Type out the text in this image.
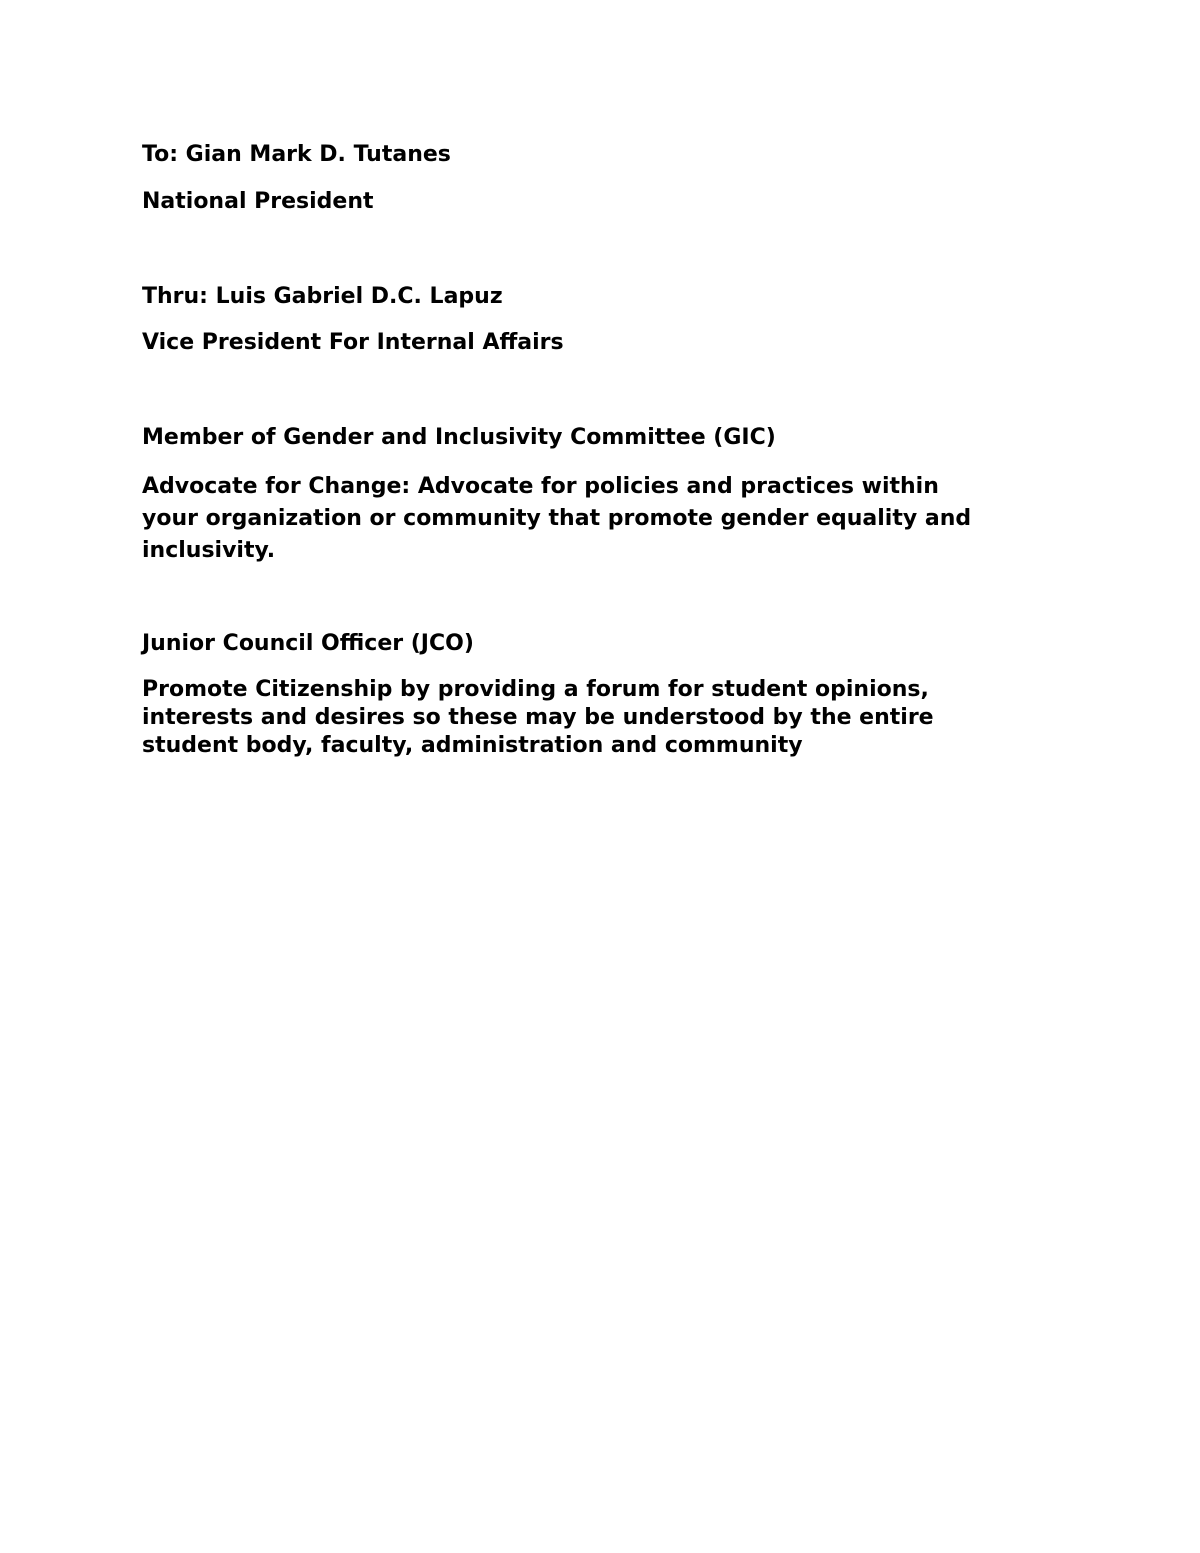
To: Gian Mark D. Tutanes

National President

Thru: Luis Gabriel D.C. Lapuz

Vice President For Internal Affairs

Member of Gender and Inclusivity Committee (GIC)

Advocate for Change: Advocate for policies and practices within
your organization or community that promote gender equality and
inclusivity.

Junior Council Officer (JCO)

Promote Citizenship by providing a forum for student opinions,
interests and desires so these may be understood by the entire
student body, faculty, administration and community
